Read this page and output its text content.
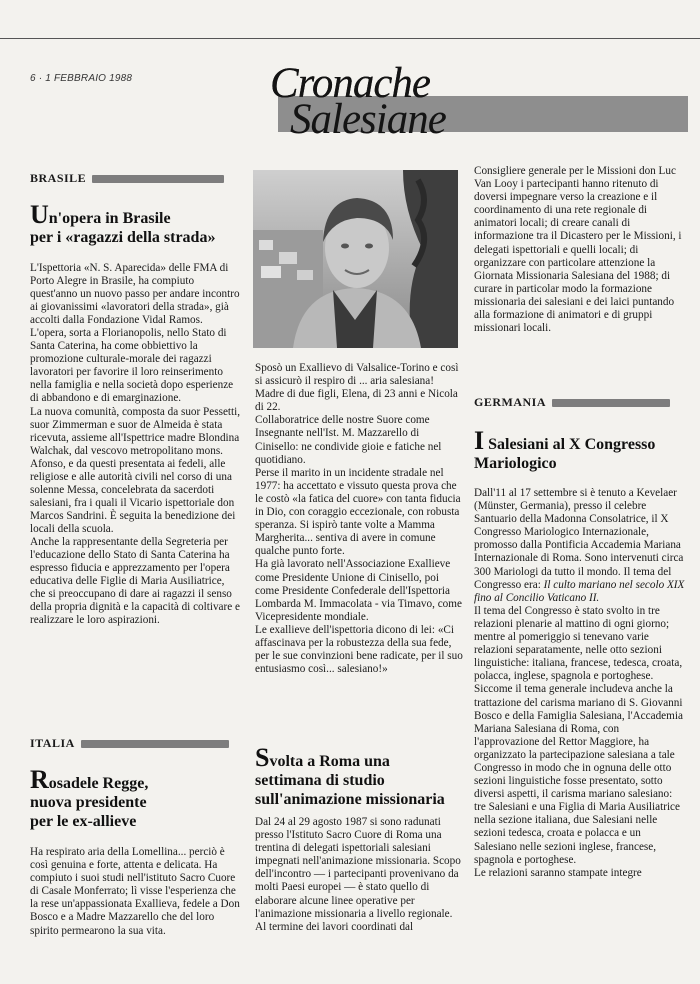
6 · 1 FEBBRAIO 1988	Cronache
Salesiane
BRASILE
Un'opera in Brasile
per i «ragazzi della strada»
L'Ispettoria «N. S. Aparecida» delle FMA di Porto Alegre in Brasile, ha compiuto quest'anno un nuovo passo per andare incontro ai giovanissimi «lavoratori della strada», già accolti dalla Fondazione Vidal Ramos.
L'opera, sorta a Florianopolis, nello Stato di Santa Caterina, ha come obbiettivo la promozione culturale-morale dei ragazzi lavoratori per favorire il loro reinserimento nella famiglia e nella società dopo esperienze di abbandono e di emarginazione.
La nuova comunità, composta da suor Pessetti, suor Zimmerman e suor de Almeida è stata ricevuta, assieme all'Ispettrice madre Blondina Walchak, dal vescovo metropolitano mons. Afonso, e da questi presentata ai fedeli, alle religiose e alle autorità civili nel corso di una solenne Messa, concelebrata da sacerdoti salesiani, fra i quali il Vicario ispettoriale don Marcos Sandrini. È seguita la benedizione dei locali della scuola.
Anche la rappresentante della Segreteria per l'educazione dello Stato di Santa Caterina ha espresso fiducia e apprezzamento per l'opera educativa delle Figlie di Maria Ausiliatrice, che si preoccupano di dare ai ragazzi il senso della propria dignità e la capacità di coltivare e realizzare le loro aspirazioni.
ITALIA
Rosadele Regge,
nuova presidente
per le ex-allieve
Ha respirato aria della Lomellina... perciò è così genuina e forte, attenta e delicata. Ha compiuto i suoi studi nell'istituto Sacro Cuore di Casale Monferrato; lì visse l'esperienza che la rese un'appassionata Exallieva, fedele a Don Bosco e a Madre Mazzarello che del loro spirito permearono la sua vita.
Sposò un Exallievo di Valsalice-Torino e così si assicurò il respiro di ... aria salesiana! Madre di due figli, Elena, di 23 anni e Nicola di 22.
Collaboratrice delle nostre Suore come Insegnante nell'Ist. M. Mazzarello di Cinisello: ne condivide gioie e fatiche nel quotidiano.
Perse il marito in un incidente stradale nel 1977: ha accettato e vissuto questa prova che le costò «la fatica del cuore» con tanta fiducia in Dio, con coraggio eccezionale, con robusta speranza. Si ispirò tante volte a Mamma Margherita... sentiva di avere in comune qualche punto forte.
Ha già lavorato nell'Associazione Exallieve come Presidente Unione di Cinisello, poi come Presidente Confederale dell'Ispettoria Lombarda M. Immacolata - via Timavo, come Vicepresidente mondiale.
Le exallieve dell'ispettoria dicono di lei: «Ci affascinava per la robustezza della sua fede, per le sue convinzioni bene radicate, per il suo entusiasmo così... salesiano!»
Svolta a Roma una
settimana di studio
sull'animazione missionaria
Dal 24 al 29 agosto 1987 si sono radunati presso l'Istituto Sacro Cuore di Roma una trentina di delegati ispettoriali salesiani impegnati nell'animazione missionaria. Scopo dell'incontro — i partecipanti provenivano da molti Paesi europei — è stato quello di elaborare alcune linee operative per l'animazione missionaria a livello regionale.
Al termine dei lavori coordinati dal
Consigliere generale per le Missioni don Luc Van Looy i partecipanti hanno ritenuto di doversi impegnare verso la creazione e il coordinamento di una rete regionale di animatori locali; di creare canali di informazione tra il Dicastero per le Missioni, i delegati ispettoriali e quelli locali; di organizzare con particolare attenzione la Giornata Missionaria Salesiana del 1988; di curare in particolar modo la formazione missionaria dei salesiani e dei laici puntando alla formazione di animatori e di gruppi missionari locali.
GERMANIA
I Salesiani al X Congresso
Mariologico
Dall'11 al 17 settembre si è tenuto a Kevelaer (Münster, Germania), presso il celebre Santuario della Madonna Consolatrice, il X Congresso Mariologico Internazionale, promosso dalla Pontificia Accademia Mariana Internazionale di Roma. Sono intervenuti circa 300 Mariologi da tutto il mondo. Il tema del Congresso era: Il culto mariano nel secolo XIX fino al Concilio Vaticano II.
Il tema del Congresso è stato svolto in tre relazioni plenarie al mattino di ogni giorno; mentre al pomeriggio si tenevano varie relazioni separatamente, nelle otto sezioni linguistiche: italiana, francese, tedesca, croata, polacca, inglese, spagnola e portoghese.
Siccome il tema generale includeva anche la trattazione del carisma mariano di S. Giovanni Bosco e della Famiglia Salesiana, l'Accademia Mariana Salesiana di Roma, con l'approvazione del Rettor Maggiore, ha organizzato la partecipazione salesiana a tale Congresso in modo che in ognuna delle otto sezioni linguistiche fosse presentato, sotto diversi aspetti, il carisma mariano salesiano: tre Salesiani e una Figlia di Maria Ausiliatrice nella sezione italiana, due Salesiani nelle sezioni tedesca, croata e polacca e un Salesiano nelle sezioni inglese, francese, spagnola e portoghese.
Le relazioni saranno stampate integre
